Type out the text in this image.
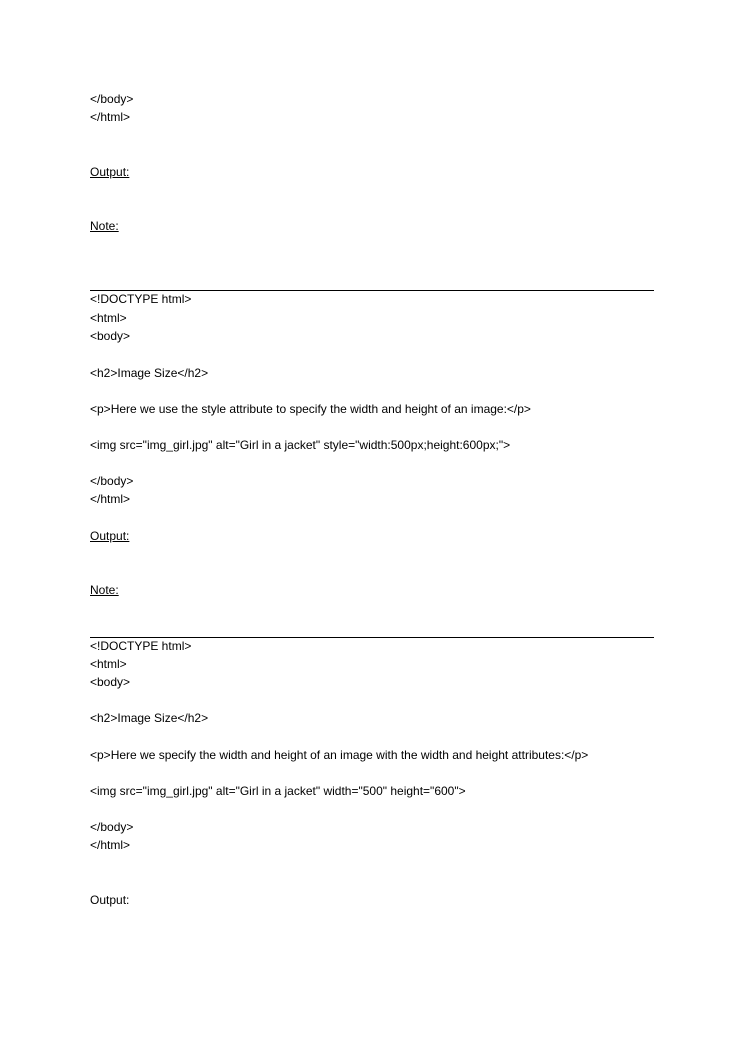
</body>
</html>
Output:
Note:
<!DOCTYPE html>
<html>
<body>
<h2>Image Size</h2>
<p>Here we use the style attribute to specify the width and height of an image:</p>
<img src="img_girl.jpg" alt="Girl in a jacket" style="width:500px;height:600px;">
</body>
</html>
Output:
Note:
<!DOCTYPE html>
<html>
<body>
<h2>Image Size</h2>
<p>Here we specify the width and height of an image with the width and height attributes:</p>
<img src="img_girl.jpg" alt="Girl in a jacket" width="500" height="600">
</body>
</html>
Output:
